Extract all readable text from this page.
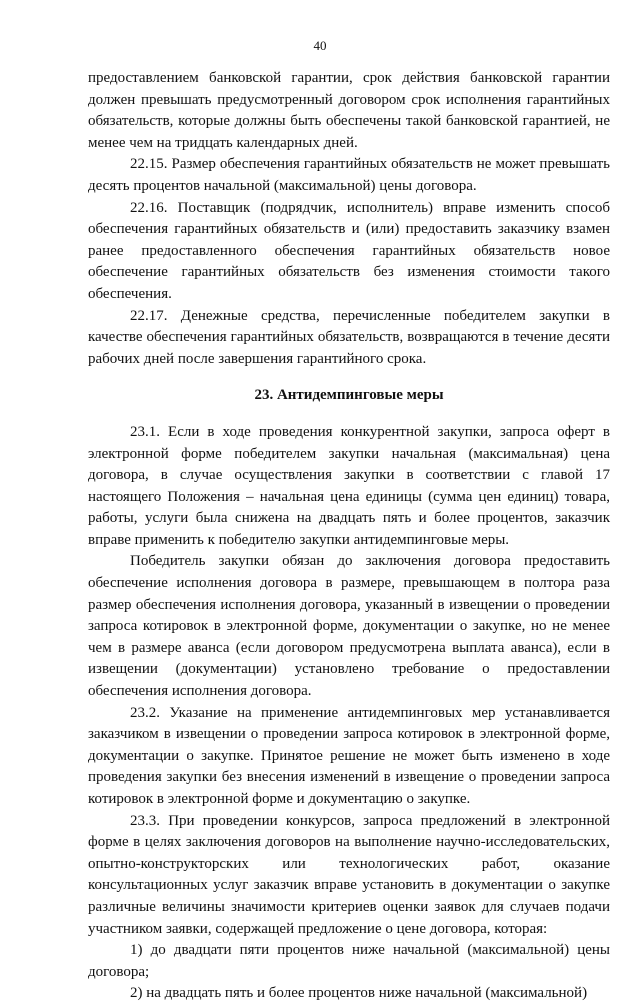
40

предоставлением банковской гарантии, срок действия банковской гарантии должен превышать предусмотренный договором срок исполнения гарантийных обязательств, которые должны быть обеспечены такой банковской гарантией, не менее чем на тридцать календарных дней.

22.15. Размер обеспечения гарантийных обязательств не может превышать десять процентов начальной (максимальной) цены договора.

22.16. Поставщик (подрядчик, исполнитель) вправе изменить способ обеспечения гарантийных обязательств и (или) предоставить заказчику взамен ранее предоставленного обеспечения гарантийных обязательств новое обеспечение гарантийных обязательств без изменения стоимости такого обеспечения.

22.17. Денежные средства, перечисленные победителем закупки в качестве обеспечения гарантийных обязательств, возвращаются в течение десяти рабочих дней после завершения гарантийного срока.

23. Антидемпинговые меры

23.1. Если в ходе проведения конкурентной закупки, запроса оферт в электронной форме победителем закупки начальная (максимальная) цена договора, в случае осуществления закупки в соответствии с главой 17 настоящего Положения – начальная цена единицы (сумма цен единиц) товара, работы, услуги была снижена на двадцать пять и более процентов, заказчик вправе применить к победителю закупки антидемпинговые меры.

Победитель закупки обязан до заключения договора предоставить обеспечение исполнения договора в размере, превышающем в полтора раза размер обеспечения исполнения договора, указанный в извещении о проведении запроса котировок в электронной форме, документации о закупке, но не менее чем в размере аванса (если договором предусмотрена выплата аванса), если в извещении (документации) установлено требование о предоставлении обеспечения исполнения договора.

23.2. Указание на применение антидемпинговых мер устанавливается заказчиком в извещении о проведении запроса котировок в электронной форме, документации о закупке. Принятое решение не может быть изменено в ходе проведения закупки без внесения изменений в извещение о проведении запроса котировок в электронной форме и документацию о закупке.

23.3. При проведении конкурсов, запроса предложений в электронной форме в целях заключения договоров на выполнение научно-исследовательских, опытно-конструкторских или технологических работ, оказание консультационных услуг заказчик вправе установить в документации о закупке различные величины значимости критериев оценки заявок для случаев подачи участником заявки, содержащей предложение о цене договора, которая:

1) до двадцати пяти процентов ниже начальной (максимальной) цены договора;

2) на двадцать пять и более процентов ниже начальной (максимальной)
